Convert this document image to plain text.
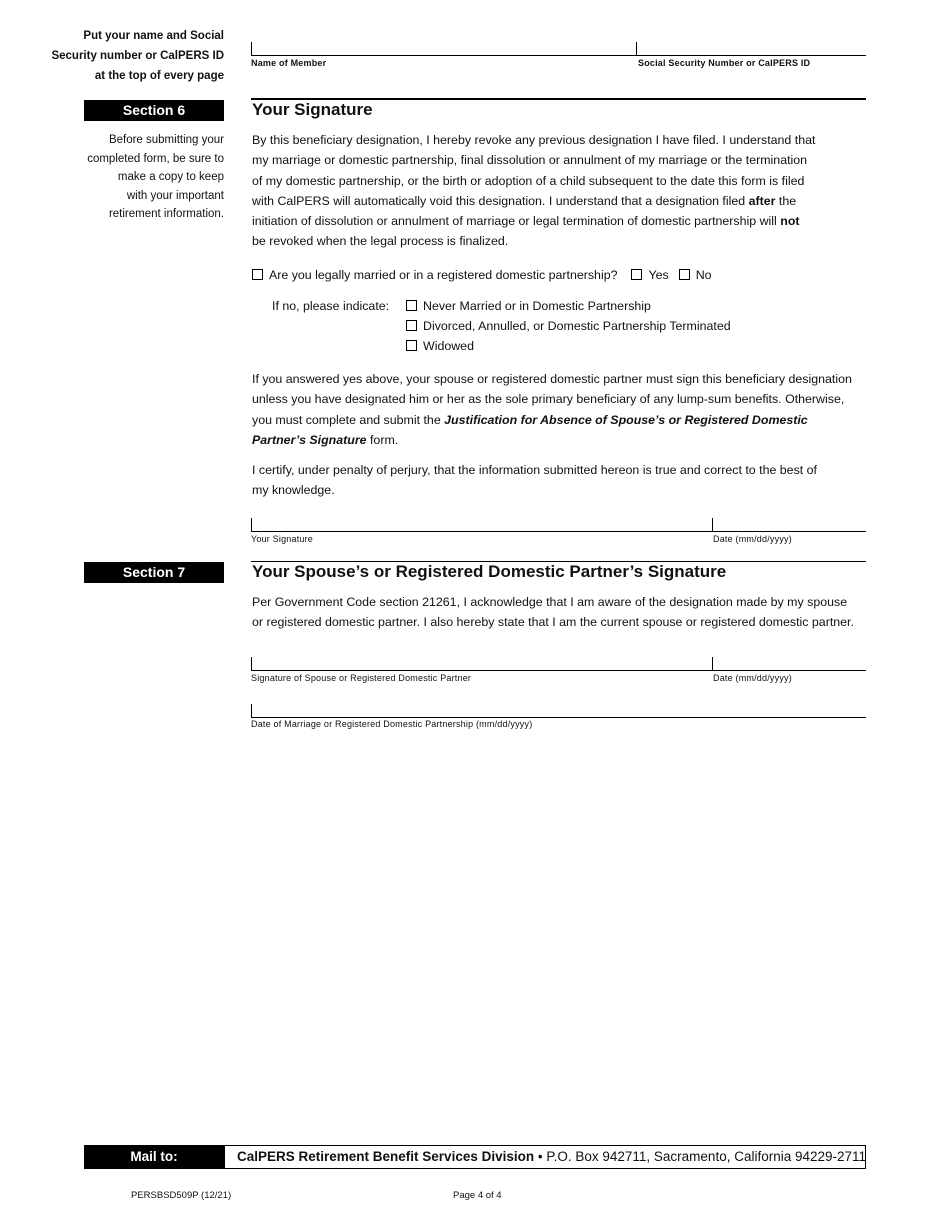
Put your name and Social
Security number or CalPERS ID
at the top of every page
Name of Member	Social Security Number or CalPERS ID
Section 6	Your Signature
Before submitting your
completed form, be sure to
make a copy to keep
with your important
retirement information.
By this beneficiary designation, I hereby revoke any previous designation I have filed. I understand that
my marriage or domestic partnership, final dissolution or annulment of my marriage or the termination
of my domestic partnership, or the birth or adoption of a child subsequent to the date this form is filed
with CalPERS will automatically void this designation. I understand that a designation filed after the
initiation of dissolution or annulment of marriage or legal termination of domestic partnership will not
be revoked when the legal process is finalized.
Are you legally married or in a registered domestic partnership?	Yes No
If no, please indicate:	Never Married or in Domestic Partnership
Divorced, Annulled, or Domestic Partnership Terminated
Widowed
If you answered yes above, your spouse or registered domestic partner must sign this beneficiary designation
unless you have designated him or her as the sole primary beneficiary of any lump-sum benefits. Otherwise,
you must complete and submit the Justification for Absence of Spouse’s or Registered Domestic
Partner’s Signature form.
I certify, under penalty of perjury, that the information submitted hereon is true and correct to the best of
my knowledge.
Your Signature	Date (mm/dd/yyyy)
Section 7	Your Spouse’s or Registered Domestic Partner’s Signature
Per Government Code section 21261, I acknowledge that I am aware of the designation made by my spouse
or registered domestic partner. I also hereby state that I am the current spouse or registered domestic partner.
Signature of Spouse or Registered Domestic Partner	Date (mm/dd/yyyy)
Date of Marriage or Registered Domestic Partnership (mm/dd/yyyy)
Mail to:	CalPERS Retirement Benefit Services Division • P.O. Box 942711, Sacramento, California 94229-2711
PERSBSD509P (12/21)	Page 4 of 4
